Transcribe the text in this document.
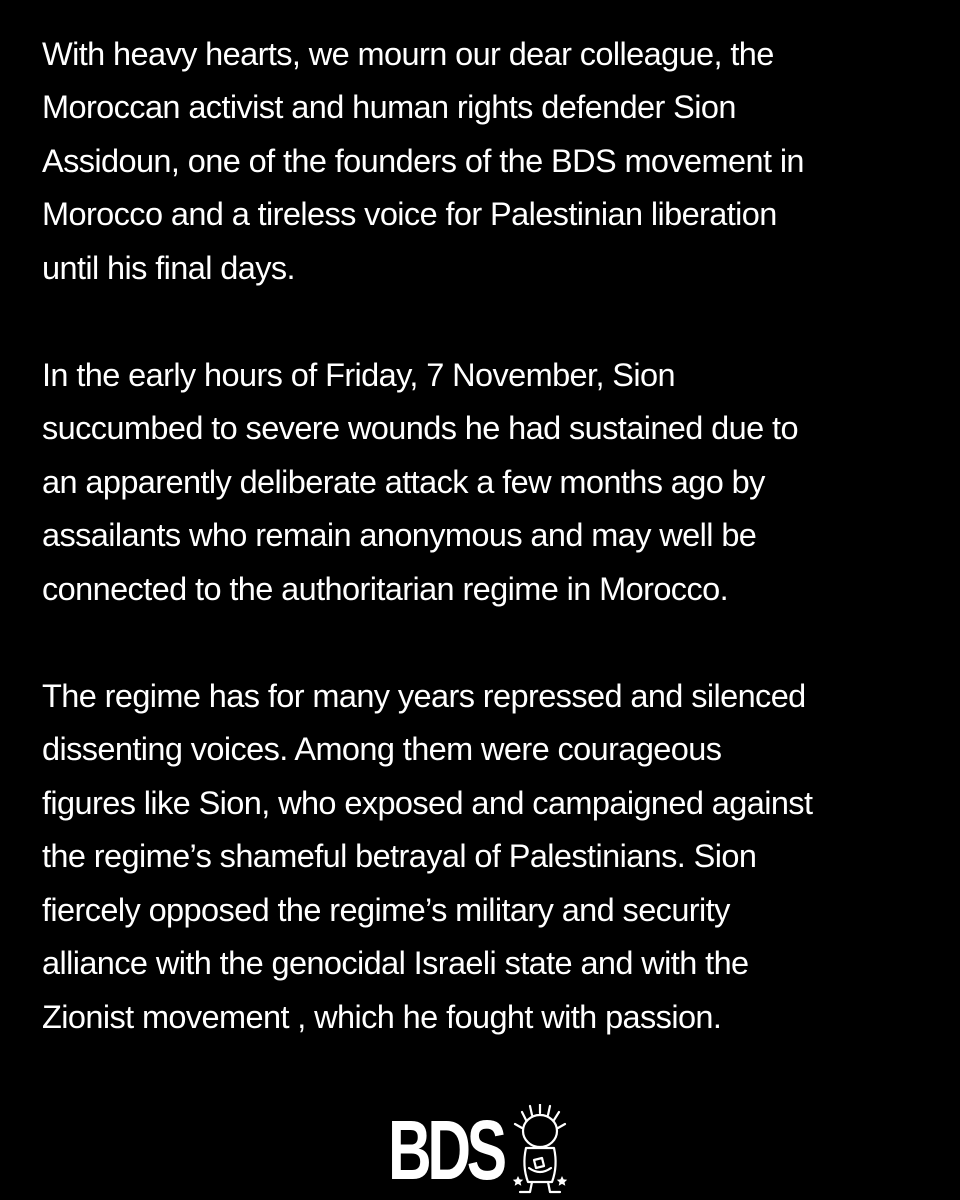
With heavy hearts, we mourn our dear colleague, the
Moroccan activist and human rights defender Sion
Assidoun, one of the founders of the BDS movement in
Morocco and a tireless voice for Palestinian liberation
until his final days.

In the early hours of Friday, 7 November, Sion
succumbed to severe wounds he had sustained due to
an apparently deliberate attack a few months ago by
assailants who remain anonymous and may well be
connected to the authoritarian regime in Morocco.

The regime has for many years repressed and silenced
dissenting voices. Among them were courageous
figures like Sion, who exposed and campaigned against
the regime’s shameful betrayal of Palestinians. Sion
fiercely opposed the regime’s military and security
alliance with the genocidal Israeli state and with the
Zionist movement , which he fought with passion.

BDS
